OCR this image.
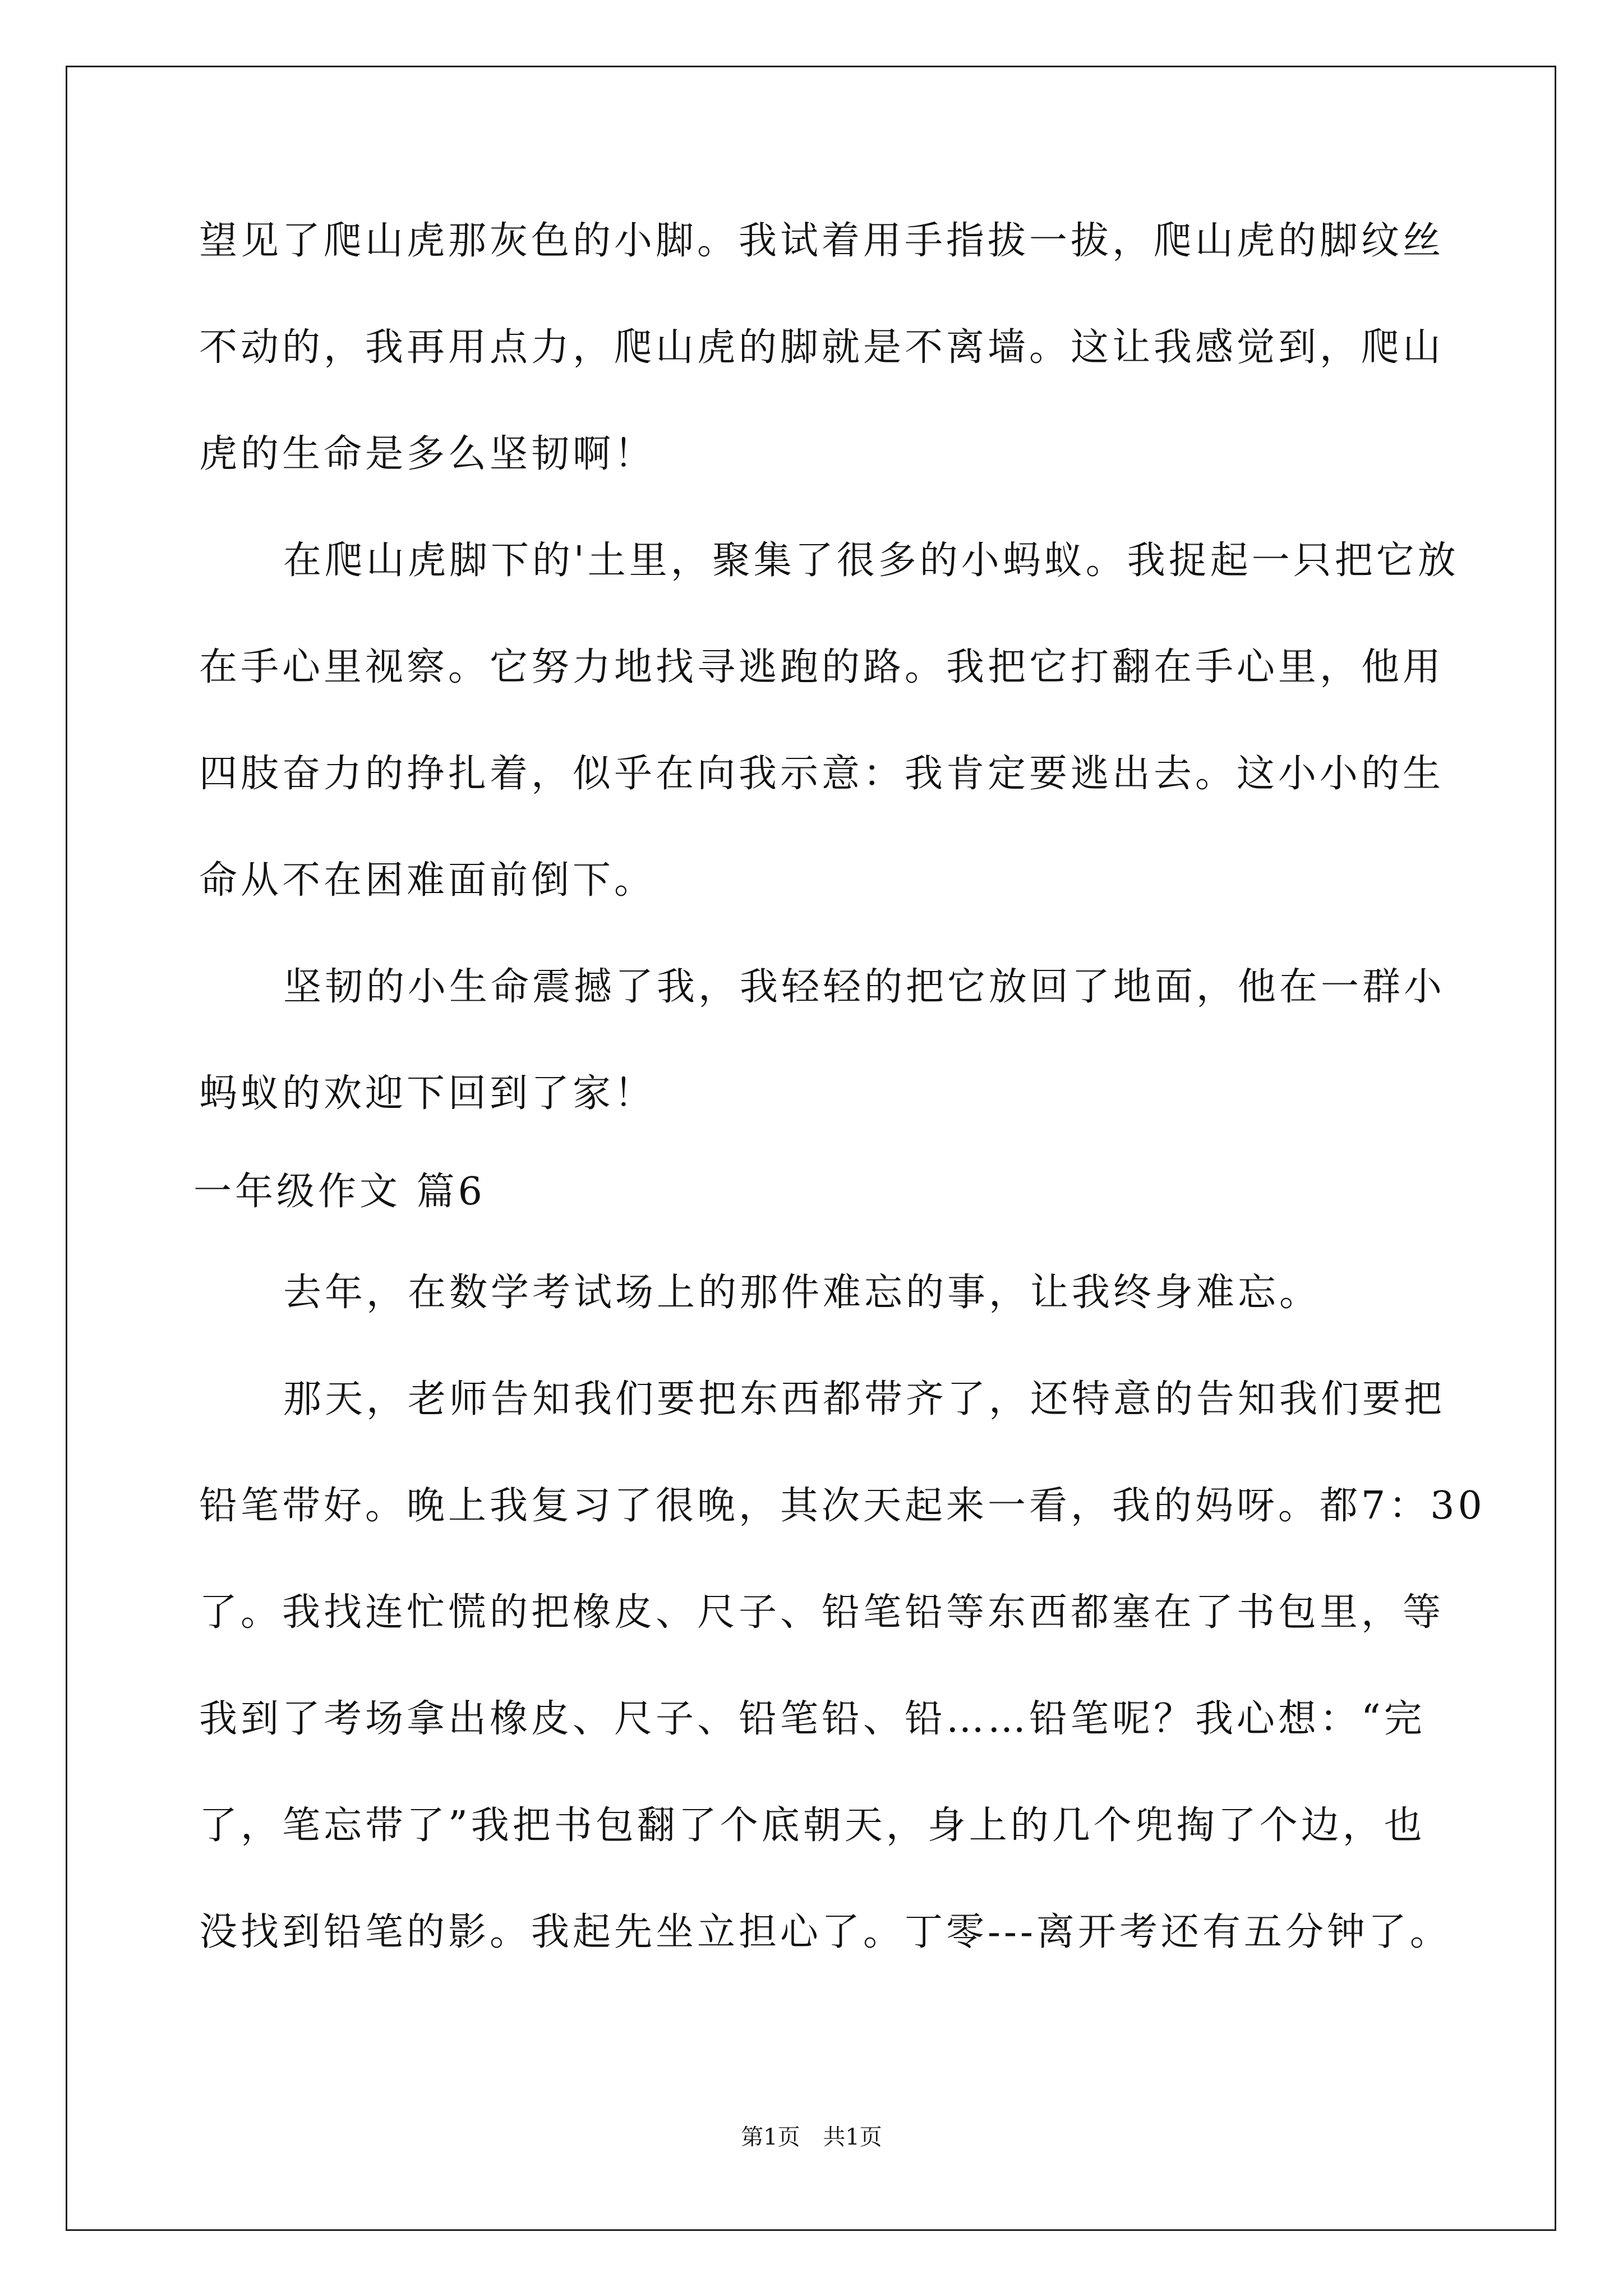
望见了爬山虎那灰色的小脚。我试着用手指拔一拔，爬山虎的脚纹丝
不动的，我再用点力，爬山虎的脚就是不离墙。这让我感觉到，爬山
虎的生命是多么坚韧啊！
在爬山虎脚下的'土里，聚集了很多的小蚂蚁。我捉起一只把它放
在手心里视察。它努力地找寻逃跑的路。我把它打翻在手心里，他用
四肢奋力的挣扎着，似乎在向我示意：我肯定要逃出去。这小小的生
命从不在困难面前倒下。
坚韧的小生命震撼了我，我轻轻的把它放回了地面，他在一群小
蚂蚁的欢迎下回到了家！
一年级作文 篇6
去年，在数学考试场上的那件难忘的事，让我终身难忘。
那天，老师告知我们要把东西都带齐了，还特意的告知我们要把
铅笔带好。晚上我复习了很晚，其次天起来一看，我的妈呀。都7：30
了。我找连忙慌的把橡皮、尺子、铅笔铅等东西都塞在了书包里，等
我到了考场拿出橡皮、尺子、铅笔铅、铅……铅笔呢？我心想：“完
了，笔忘带了”我把书包翻了个底朝天，身上的几个兜掏了个边，也
没找到铅笔的影。我起先坐立担心了。丁零---离开考还有五分钟了。
第1页 共1页
